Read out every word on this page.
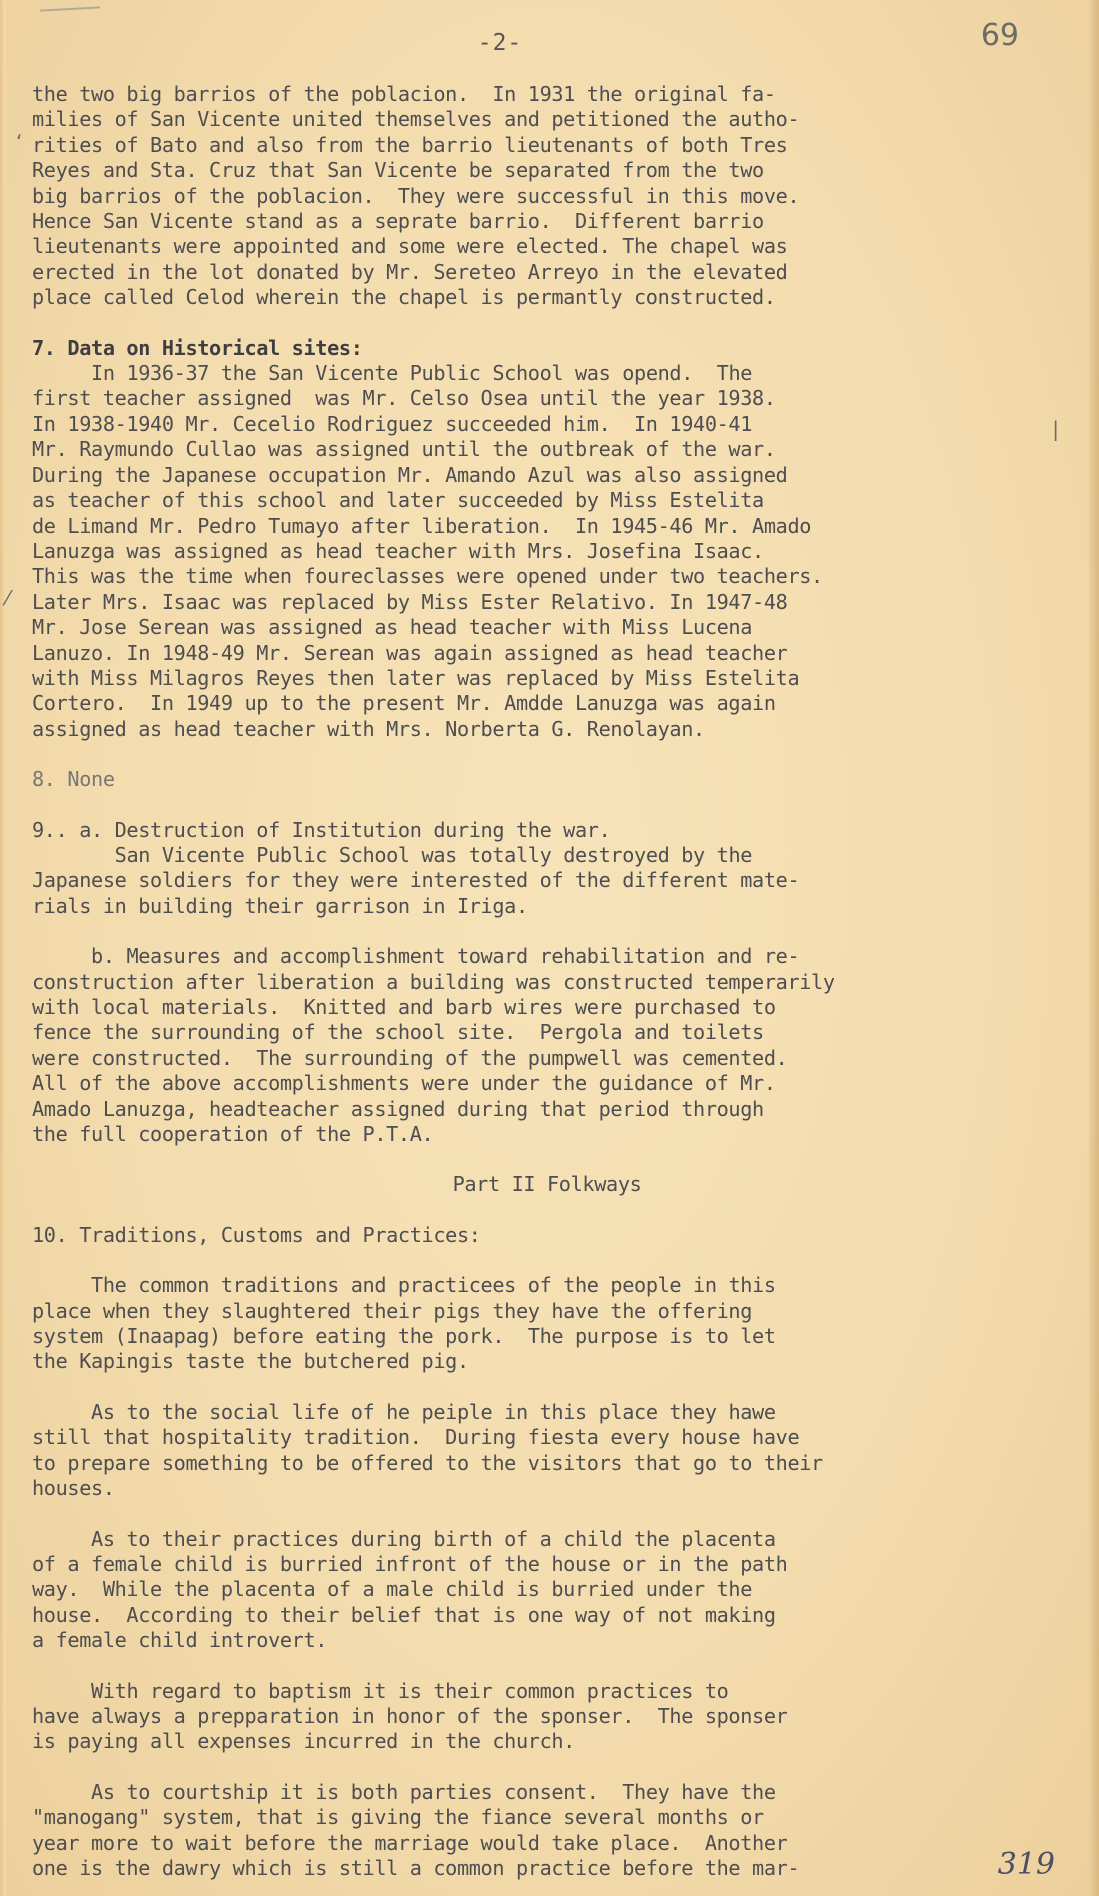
-2-	69
ʻ
⁄
|

the two big barrios of the poblacion.  In 1931 the original fa-
milies of San Vicente united themselves and petitioned the autho-
rities of Bato and also from the barrio lieutenants of both Tres
Reyes and Sta. Cruz that San Vicente be separated from the two
big barrios of the poblacion.  They were successful in this move.
Hence San Vicente stand as a seprate barrio.  Different barrio
lieutenants were appointed and some were elected. The chapel was
erected in the lot donated by Mr. Sereteo Arreyo in the elevated
place called Celod wherein the chapel is permantly constructed.

7. Data on Historical sites:

In 1936-37 the San Vicente Public School was opend.  The
first teacher assigned  was Mr. Celso Osea until the year 1938.
In 1938-1940 Mr. Cecelio Rodriguez succeeded him.  In 1940-41
Mr. Raymundo Cullao was assigned until the outbreak of the war.
During the Japanese occupation Mr. Amando Azul was also assigned
as teacher of this school and later succeeded by Miss Estelita
de Limand Mr. Pedro Tumayo after liberation.  In 1945-46 Mr. Amado
Lanuzga was assigned as head teacher with Mrs. Josefina Isaac.
This was the time when foureclasses were opened under two teachers.
Later Mrs. Isaac was replaced by Miss Ester Relativo. In 1947-48
Mr. Jose Serean was assigned as head teacher with Miss Lucena
Lanuzo. In 1948-49 Mr. Serean was again assigned as head teacher
with Miss Milagros Reyes then later was replaced by Miss Estelita
Cortero.  In 1949 up to the present Mr. Amdde Lanuzga was again
assigned as head teacher with Mrs. Norberta G. Renolayan.

8. None

9.. a. Destruction of Institution during the war.
San Vicente Public School was totally destroyed by the
Japanese soldiers for they were interested of the different mate-
rials in building their garrison in Iriga.

b. Measures and accomplishment toward rehabilitation and re-
construction after liberation a building was constructed temperarily
with local materials.  Knitted and barb wires were purchased to
fence the surrounding of the school site.  Pergola and toilets
were constructed.  The surrounding of the pumpwell was cemented.
All of the above accomplishments were under the guidance of Mr.
Amado Lanuzga, headteacher assigned during that period through
the full cooperation of the P.T.A.

Part II Folkways

10. Traditions, Customs and Practices:

The common traditions and practicees of the people in this
place when they slaughtered their pigs they have the offering
system (Inaapag) before eating the pork.  The purpose is to let
the Kapingis taste the butchered pig.

As to the social life of he peiple in this place they hawe
still that hospitality tradition.  During fiesta every house have
to prepare something to be offered to the visitors that go to their
houses.

As to their practices during birth of a child the placenta
of a female child is burried infront of the house or in the path
way.  While the placenta of a male child is burried under the
house.  According to their belief that is one way of not making
a female child introvert.

With regard to baptism it is their common practices to
have always a prepparation in honor of the sponser.  The sponser
is paying all expenses incurred in the church.

As to courtship it is both parties consent.  They have the
"manogang" system, that is giving the fiance several months or
year more to wait before the marriage would take place.  Another
one is the dawry which is still a common practice before the mar-	319
